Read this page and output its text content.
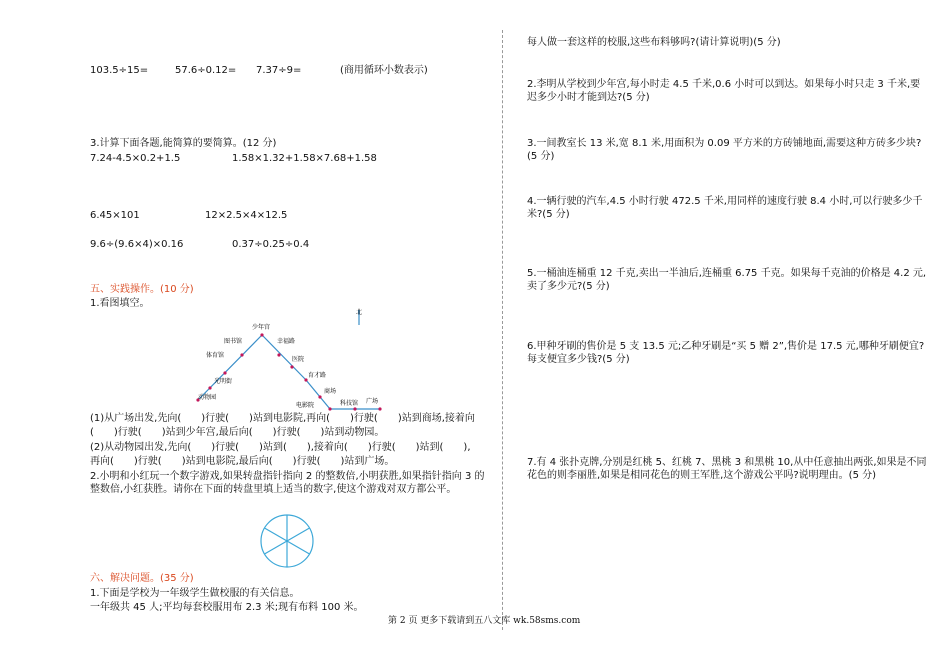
103.5÷15=	57.6÷0.12= 7.37÷9=	(商用循环小数表示)
3.计算下面各题,能简算的要简算。(12 分)
7.24-4.5×0.2+1.5	1.58×1.32+1.58×7.68+1.58
6.45×101	12×2.5×4×12.5
9.6÷(9.6×4)×0.16	0.37÷0.25÷0.4
五、实践操作。(10 分)
1.看图填空。
北
少年宫
图书馆
体育馆
光明街
动物园
幸福路
医院
育才路
商场
电影院	科技馆 广场
(1)从广场出发,先向(　　)行驶(　　)站到电影院,再向(　　)行驶(　　)站到商场,接着向
(　　)行驶(　　)站到少年宫,最后向(　　)行驶(　　)站到动物园。
(2)从动物园出发,先向(　　)行驶(　　)站到(　　),接着向(　　)行驶(　　)站到(　　),
再向(　　)行驶(　　)站到电影院,最后向(　　)行驶(　　)站到广场。
2.小明和小红玩一个数字游戏,如果转盘指针指向 2 的整数倍,小明获胜,如果指针指向 3 的整数倍,小红获胜。请你在下面的转盘里填上适当的数字,使这个游戏对双方都公平。
六、解决问题。(35 分)
1.下面是学校为一年级学生做校服的有关信息。
一年级共 45 人;平均每套校服用布 2.3 米;现有布料 100 米。
每人做一套这样的校服,这些布料够吗?(请计算说明)(5 分)
2.李明从学校到少年宫,每小时走 4.5 千米,0.6 小时可以到达。如果每小时只走 3 千米,要迟多少小时才能到达?(5 分)
3.一间教室长 13 米,宽 8.1 米,用面积为 0.09 平方米的方砖铺地面,需要这种方砖多少块?(5 分)
4.一辆行驶的汽车,4.5 小时行驶 472.5 千米,用同样的速度行驶 8.4 小时,可以行驶多少千米?(5 分)
5.一桶油连桶重 12 千克,卖出一半油后,连桶重 6.75 千克。如果每千克油的价格是 4.2 元,卖了多少元?(5 分)
6.甲种牙刷的售价是 5 支 13.5 元;乙种牙刷是“买 5 赠 2”,售价是 17.5 元,哪种牙刷便宜?每支便宜多少钱?(5 分)
7.有 4 张扑克牌,分别是红桃 5、红桃 7、黑桃 3 和黑桃 10,从中任意抽出两张,如果是不同花色的则李丽胜,如果是相同花色的则王军胜,这个游戏公平吗?说明理由。(5 分)
第 2 页 更多下载请到五八文库 wk.58sms.com
